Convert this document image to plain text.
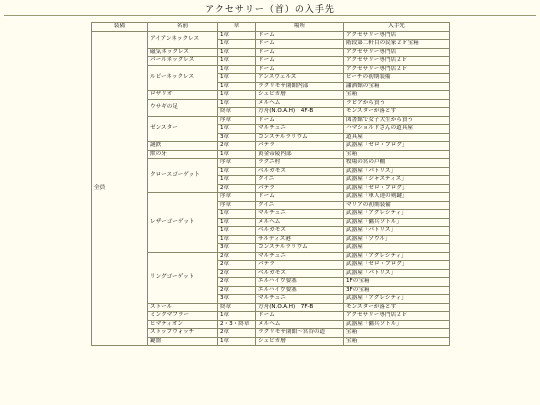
アクセサリー（首）の入手先
装備	名前	章	場所	入手先
全員	アイアンネックレス	1章	ドーム	アクセサリー専門店
		1章	ドーム	階段第二軒目の民家２Ｆ宝箱
	磁気ネックレス	1章	ドーム	アクセサリー専門店
	パールネックレス	1章	ドーム	アクセサリー専門店２Ｆ
	ルビーネックレス	1章	ドーム	アクセサリー専門店２Ｆ
		1章	アンスヴェルズ	ピーチの初期装備
		1章	ラクリモサ閉館内部	瀟洒館の宝箱
	ロザリオ	1章	シェビカ層	宝箱
	ウサギの足	1章	メルヘム	ラピアから買う
		終章	方舟(N.O.A.H)　4F-B	モンスターが落とす
	ゼンスター	序章	ドーム	図書館で女子大生から買う
		1章	マルチュニ	ハマショルドさんの道具屋
		3章	コンステルラリウム	道具屋
	謎鉄	2章	パテラ	武器屋「ゼロ・プログ」
	獣の牙	1章	黄金帝陵内部	宝箱
	クロースゴーゲット	序章	ラグニ村	牧場の宮の戸棚
		1章	ベルガモス	武器屋「パトリス」
		1章	クイニ	武器屋「ジャスティス」
		2章	パテラ	武器屋「ゼロ・プログ」
	レザーゴーゲット	序章	ドーム	武器屋「軍人達の剣鍵」
		序章	クイニ	マリアの初期装備
		1章	マルチュニ	武器屋「アグレシティ」
		1章	メルヘム	武器屋「傭兵ソトル」
		1章	ベルガモス	武器屋「パトリス」
		1章	サルディス港	武器屋「ゾウル」
		3章	コンステルラリウム	武器屋
	リングゴーゲット	2章	マルチュニ	武器屋「アグレシティ」
		2章	パテラ	武器屋「ゼロ・プログ」
		2章	ベルガモス	武器屋「パトリス」
		2章	エルハイヴ要塞	1Fの宝箱
		2章	エルハイヴ要塞	3Fの宝箱
		3章	マルチュニ	武器屋「アグレシティ」
	ストール	終章	方舟(N.O.A.H)　7F-B	モンスターが落とす
	ミンクマフラー	1章	ドーム	アクセサリー専門店２Ｆ
	ヒマティオン	2・3・終章	メルヘム	武器屋「傭兵ソトル」
	ストップウォッチ	2章	ラクリモサ閉館〜宮谷の道	宝箱
	鍵盤	1章	シェビカ層	宝箱
